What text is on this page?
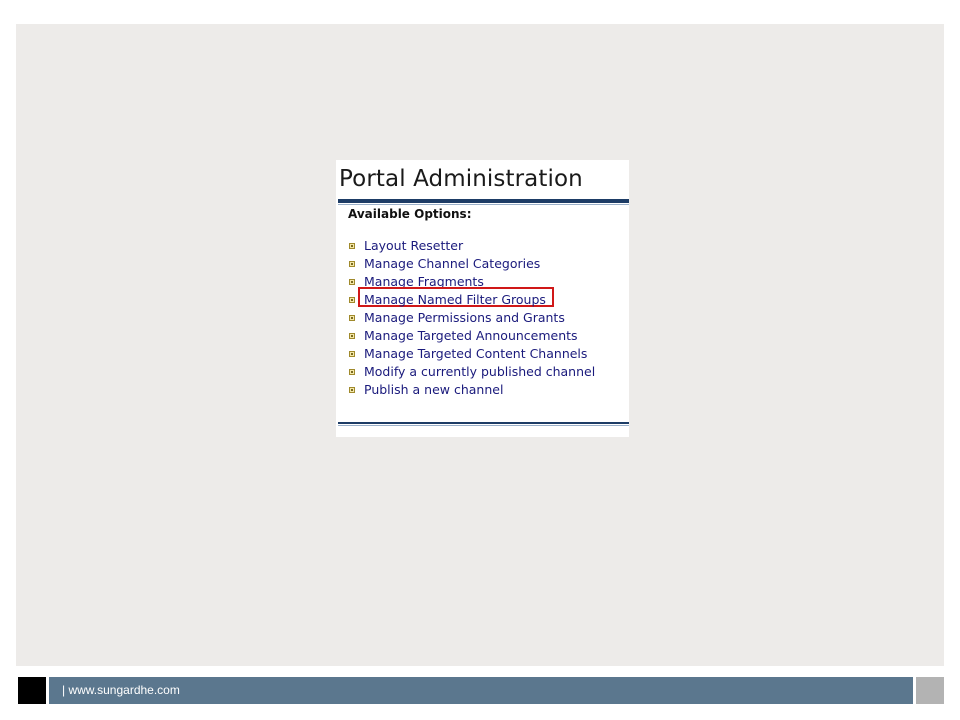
Portal Administration
Available Options:
Layout Resetter
Manage Channel Categories
Manage Fragments
Manage Named Filter Groups
Manage Permissions and Grants
Manage Targeted Announcements
Manage Targeted Content Channels
Modify a currently published channel
Publish a new channel
| www.sungardhe.com
